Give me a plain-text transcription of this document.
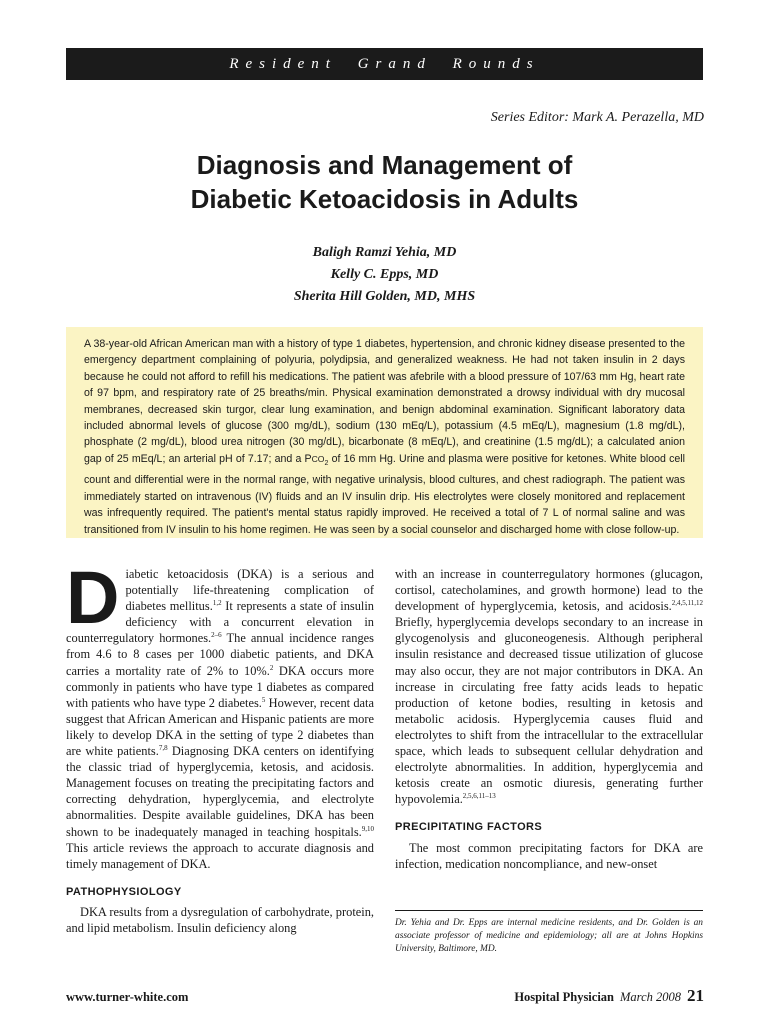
Resident Grand Rounds
Series Editor: Mark A. Perazella, MD
Diagnosis and Management of
Diabetic Ketoacidosis in Adults
Baligh Ramzi Yehia, MD
Kelly C. Epps, MD
Sherita Hill Golden, MD, MHS
A 38-year-old African American man with a history of type 1 diabetes, hypertension, and chronic kidney disease presented to the emergency department complaining of polyuria, polydipsia, and generalized weakness. He had not taken insulin in 2 days because he could not afford to refill his medications. The patient was afebrile with a blood pressure of 107/63 mm Hg, heart rate of 97 bpm, and respiratory rate of 25 breaths/min. Physical examination demonstrated a drowsy individual with dry mucosal membranes, decreased skin turgor, clear lung examination, and benign abdominal examination. Significant laboratory data included abnormal levels of glucose (300 mg/dL), sodium (130 mEq/L), potassium (4.5 mEq/L), magnesium (1.8 mg/dL), phosphate (2 mg/dL), blood urea nitrogen (30 mg/dL), bicarbonate (8 mEq/L), and creatinine (1.5 mg/dL); a calculated anion gap of 25 mEq/L; an arterial pH of 7.17; and a $PCO_2$ of 16 mm Hg. Urine and plasma were positive for ketones. White blood cell count and differential were in the normal range, with negative urinalysis, blood cultures, and chest radiograph. The patient was immediately started on intravenous (IV) fluids and an IV insulin drip. His electrolytes were closely monitored and replacement was infrequently required. The patient's mental status rapidly improved. He received a total of 7 L of normal saline and was transitioned from IV insulin to his home regimen. He was seen by a social counselor and discharged home with close follow-up.

Diabetic ketoacidosis (DKA) is a serious and potentially life-threatening complication of diabetes mellitus.$^{1,2}$ It represents a state of insulin deficiency with a concurrent elevation in counterregulatory hormones.$^{2-6}$ The annual incidence ranges from 4.6 to 8 cases per 1000 diabetic patients, and DKA carries a mortality rate of 2% to 10%.$^2$ DKA occurs more commonly in patients who have type 1 diabetes as compared with patients who have type 2 diabetes.$^5$ However, recent data suggest that African American and Hispanic patients are more likely to develop DKA in the setting of type 2 diabetes than are white patients.$^{7,8}$ Diagnosing DKA centers on identifying the classic triad of hyperglycemia, ketosis, and acidosis. Management focuses on treating the precipitating factors and correcting dehydration, hyperglycemia, and electrolyte abnormalities. Despite available guidelines, DKA has been shown to be inadequately managed in teaching hospitals.$^{9,10}$ This article reviews the approach to accurate diagnosis and timely management of DKA.

PATHOPHYSIOLOGY

DKA results from a dysregulation of carbohydrate, protein, and lipid metabolism. Insulin deficiency along

with an increase in counterregulatory hormones (glucagon, cortisol, catecholamines, and growth hormone) lead to the development of hyperglycemia, ketosis, and acidosis.$^{2,4,5,11,12}$ Briefly, hyperglycemia develops secondary to an increase in glycogenolysis and gluconeogenesis. Although peripheral insulin resistance and decreased tissue utilization of glucose may also occur, they are not major contributors in DKA. An increase in circulating free fatty acids leads to hepatic production of ketone bodies, resulting in ketosis and metabolic acidosis. Hyperglycemia causes fluid and electrolytes to shift from the intracellular to the extracellular space, which leads to subsequent cellular dehydration and electrolyte abnormalities. In addition, hyperglycemia and ketosis create an osmotic diuresis, generating further hypovolemia.$^{2,5,6,11-13}$

PRECIPITATING FACTORS

The most common precipitating factors for DKA are infection, medication noncompliance, and new-onset

Dr. Yehia and Dr. Epps are internal medicine residents, and Dr. Golden is an associate professor of medicine and epidemiology; all are at Johns Hopkins University, Baltimore, MD.
www.turner-white.com	Hospital Physician March 2008 21
